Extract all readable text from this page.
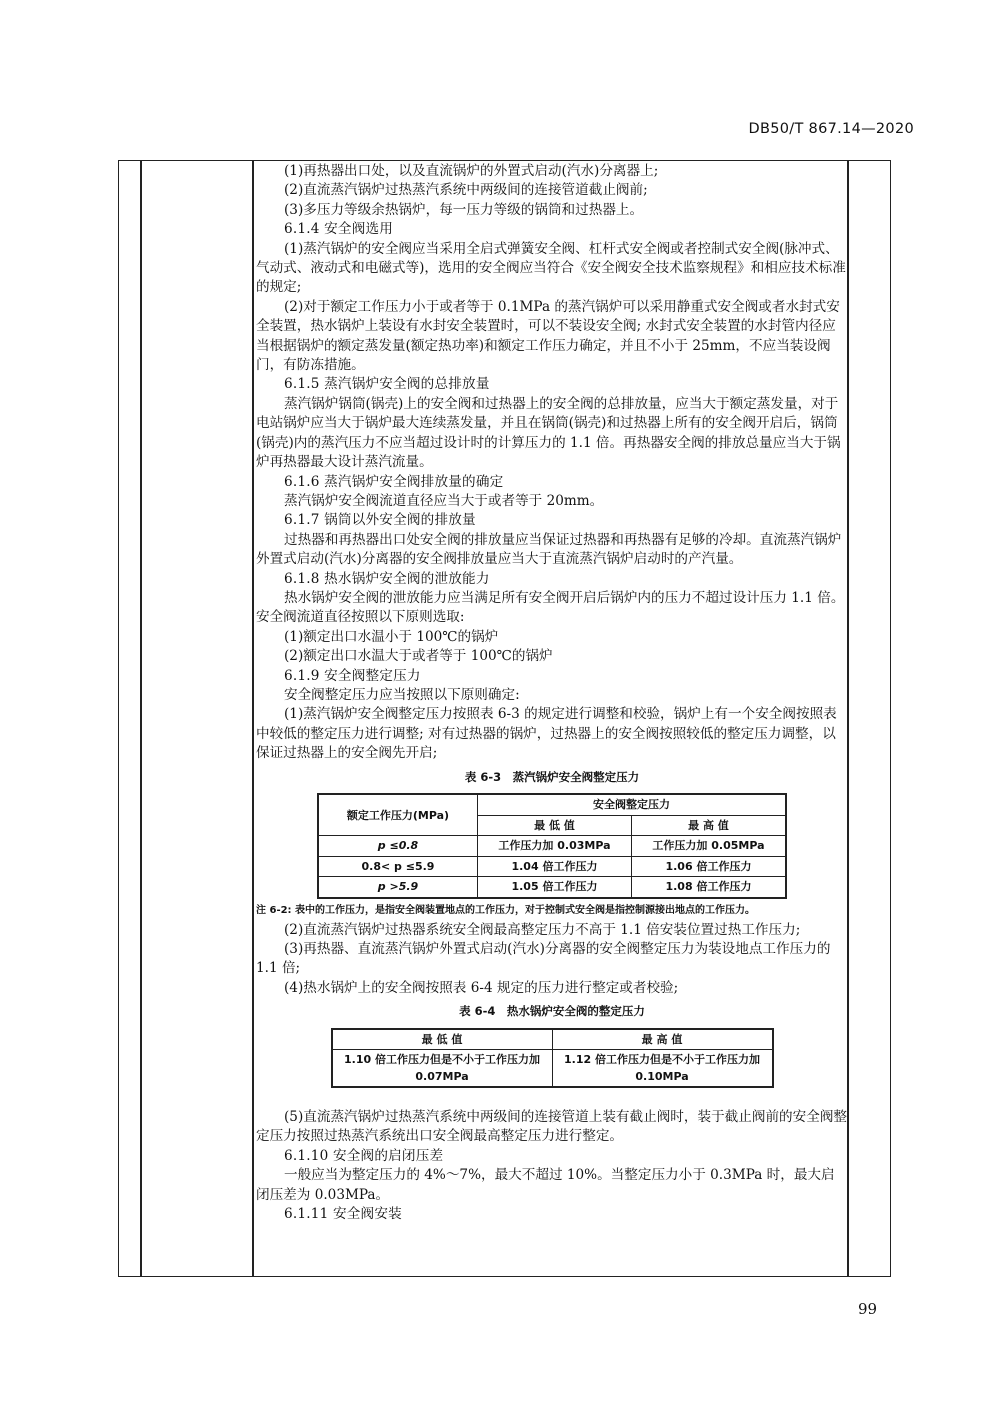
DB50/T 867.14—2020

(1)再热器出口处，以及直流锅炉的外置式启动(汽水)分离器上;

(2)直流蒸汽锅炉过热蒸汽系统中两级间的连接管道截止阀前;

(3)多压力等级余热锅炉，每一压力等级的锅筒和过热器上。

6.1.4 安全阀选用

(1)蒸汽锅炉的安全阀应当采用全启式弹簧安全阀、杠杆式安全阀或者控制式安全阀(脉冲式、气动式、液动式和电磁式等)，选用的安全阀应当符合《安全阀安全技术监察规程》和相应技术标准的规定;

(2)对于额定工作压力小于或者等于 0.1MPa 的蒸汽锅炉可以采用静重式安全阀或者水封式安全装置，热水锅炉上装设有水封安全装置时，可以不装设安全阀; 水封式安全装置的水封管内径应当根据锅炉的额定蒸发量(额定热功率)和额定工作压力确定，并且不小于 25mm，不应当装设阀门，有防冻措施。

6.1.5 蒸汽锅炉安全阀的总排放量

蒸汽锅炉锅筒(锅壳)上的安全阀和过热器上的安全阀的总排放量，应当大于额定蒸发量，对于电站锅炉应当大于锅炉最大连续蒸发量，并且在锅筒(锅壳)和过热器上所有的安全阀开启后，锅筒(锅壳)内的蒸汽压力不应当超过设计时的计算压力的 1.1 倍。再热器安全阀的排放总量应当大于锅炉再热器最大设计蒸汽流量。

6.1.6 蒸汽锅炉安全阀排放量的确定

蒸汽锅炉安全阀流道直径应当大于或者等于 20mm。

6.1.7 锅筒以外安全阀的排放量

过热器和再热器出口处安全阀的排放量应当保证过热器和再热器有足够的冷却。直流蒸汽锅炉外置式启动(汽水)分离器的安全阀排放量应当大于直流蒸汽锅炉启动时的产汽量。

6.1.8 热水锅炉安全阀的泄放能力

热水锅炉安全阀的泄放能力应当满足所有安全阀开启后锅炉内的压力不超过设计压力 1.1 倍。安全阀流道直径按照以下原则选取:

(1)额定出口水温小于 100℃的锅炉

(2)额定出口水温大于或者等于 100℃的锅炉

6.1.9 安全阀整定压力

安全阀整定压力应当按照以下原则确定:

(1)蒸汽锅炉安全阀整定压力按照表 6-3 的规定进行调整和校验，锅炉上有一个安全阀按照表中较低的整定压力进行调整; 对有过热器的锅炉，过热器上的安全阀按照较低的整定压力调整，以保证过热器上的安全阀先开启;

表 6-3　蒸汽锅炉安全阀整定压力
额定工作压力(MPa)	安全阀整定压力	
	最 低 值	最 高 值
p ≤0.8	工作压力加 0.03MPa	工作压力加 0.05MPa
0.8< p ≤5.9	1.04 倍工作压力	1.06 倍工作压力
p >5.9	1.05 倍工作压力	1.08 倍工作压力
注 6-2: 表中的工作压力，是指安全阀装置地点的工作压力，对于控制式安全阀是指控制源接出地点的工作压力。

(2)直流蒸汽锅炉过热器系统安全阀最高整定压力不高于 1.1 倍安装位置过热工作压力;

(3)再热器、直流蒸汽锅炉外置式启动(汽水)分离器的安全阀整定压力为装设地点工作压力的 1.1 倍;

(4)热水锅炉上的安全阀按照表 6-4 规定的压力进行整定或者校验;

表 6-4　热水锅炉安全阀的整定压力
最 低 值	最 高 值
1.10 倍工作压力但是不小于工作压力加 0.07MPa	1.12 倍工作压力但是不小于工作压力加 0.10MPa

(5)直流蒸汽锅炉过热蒸汽系统中两级间的连接管道上装有截止阀时，装于截止阀前的安全阀整定压力按照过热蒸汽系统出口安全阀最高整定压力进行整定。

6.1.10 安全阀的启闭压差

一般应当为整定压力的 4%～7%，最大不超过 10%。当整定压力小于 0.3MPa 时，最大启闭压差为 0.03MPa。

6.1.11 安全阀安装

99
